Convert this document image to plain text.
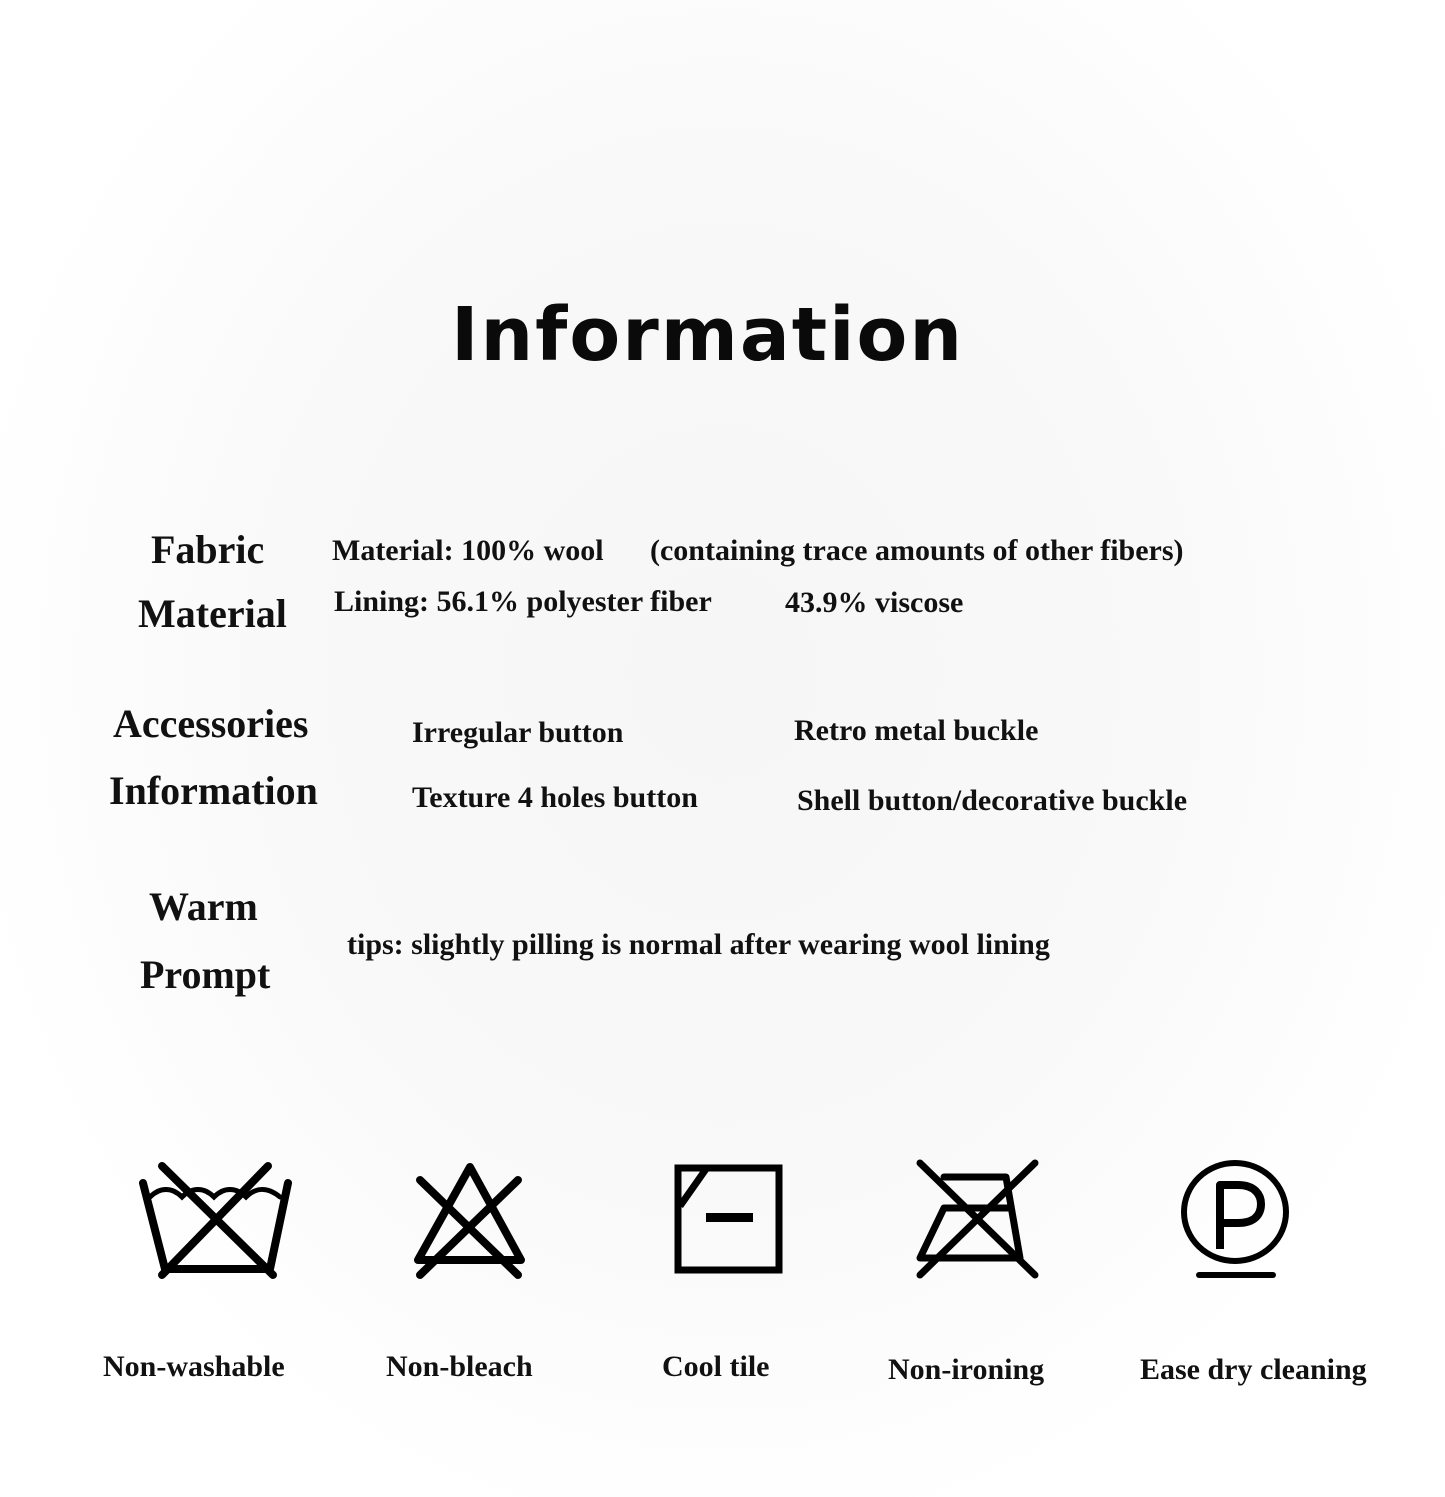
Information
Fabric
Material
Material: 100% wool (containing trace amounts of other fibers)
Lining: 56.1% polyester fiber 43.9% viscose
Accessories
Information
Irregular button	Retro metal buckle
Texture 4 holes button	Shell button/decorative buckle
Warm
Prompt
tips: slightly pilling is normal after wearing wool lining
Non-washable	Non-bleach	Cool tile	Non-ironing	Ease dry cleaning
